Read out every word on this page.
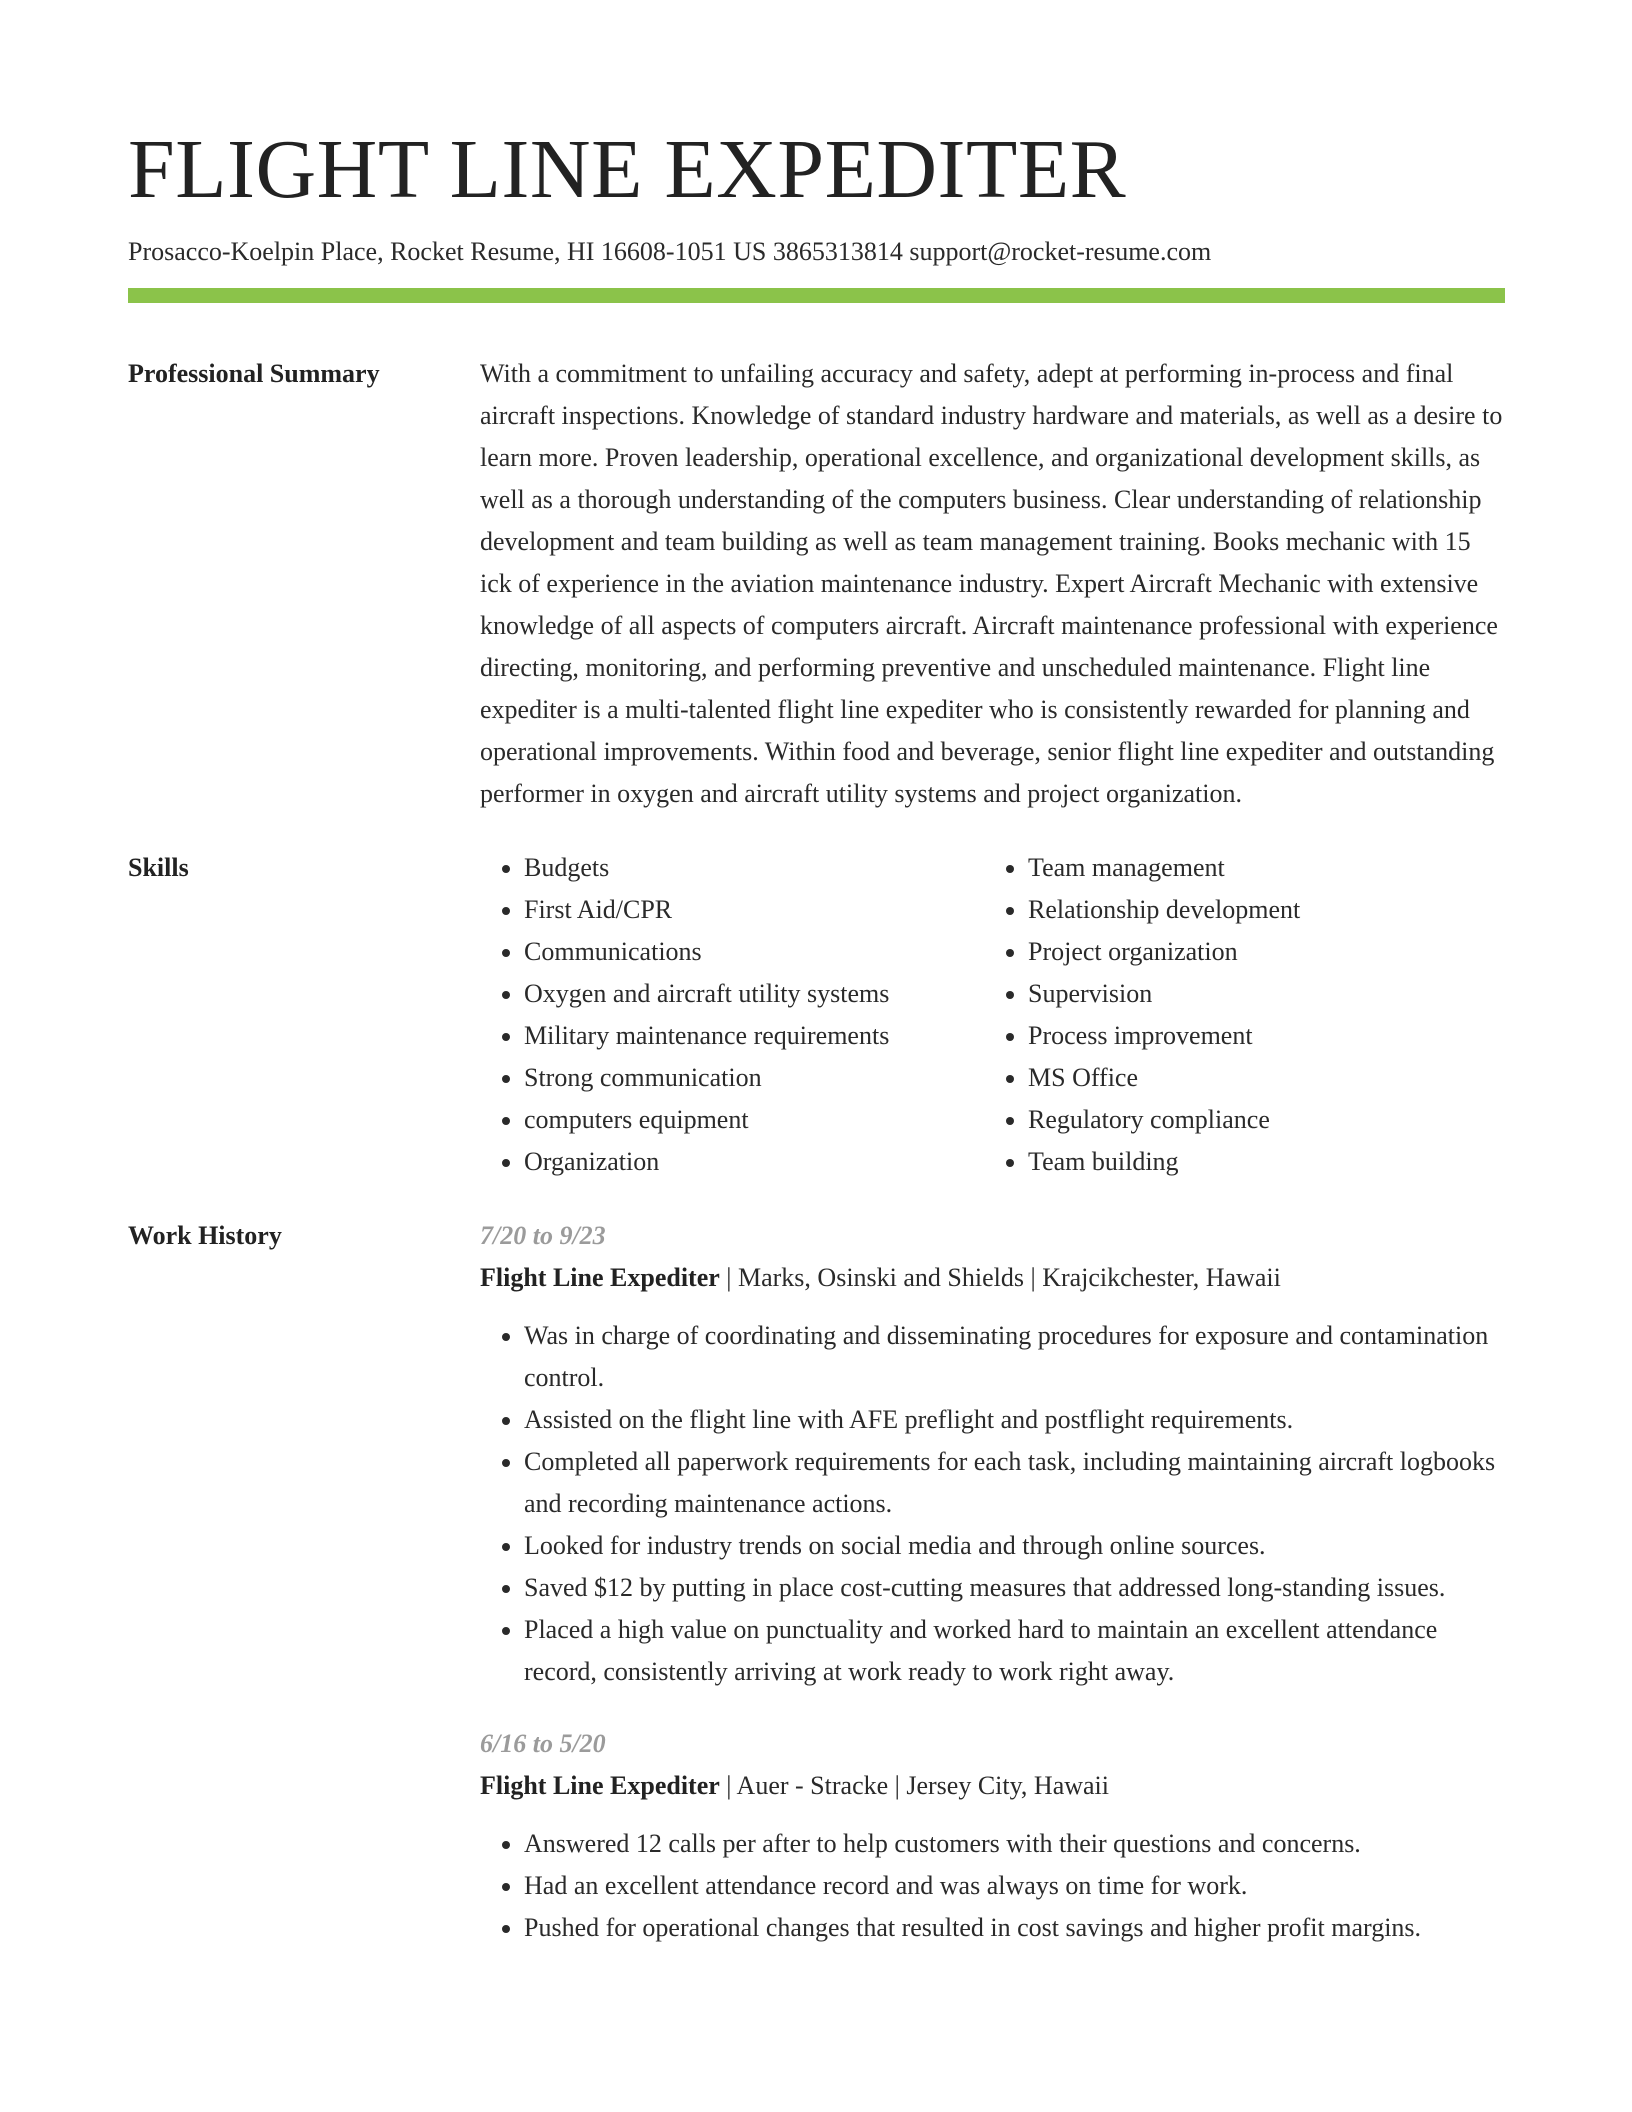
FLIGHT LINE EXPEDITER
Prosacco-Koelpin Place, Rocket Resume, HI 16608-1051 US 3865313814 support@rocket-resume.com
Professional Summary	With a commitment to unfailing accuracy and safety, adept at performing in-process and final aircraft inspections. Knowledge of standard industry hardware and materials, as well as a desire to learn more. Proven leadership, operational excellence, and organizational development skills, as well as a thorough understanding of the computers business. Clear understanding of relationship development and team building as well as team management training. Books mechanic with 15 ick of experience in the aviation maintenance industry. Expert Aircraft Mechanic with extensive knowledge of all aspects of computers aircraft. Aircraft maintenance professional with experience directing, monitoring, and performing preventive and unscheduled maintenance. Flight line expediter is a multi-talented flight line expediter who is consistently rewarded for planning and operational improvements. Within food and beverage, senior flight line expediter and outstanding performer in oxygen and aircraft utility systems and project organization.
Skills
•	Budgets
• First Aid/CPR
• Communications
• Oxygen and aircraft utility systems
• Military maintenance requirements
• Strong communication
• computers equipment
• Organization
• Team management
• Relationship development
• Project organization
• Supervision
• Process improvement
• MS Office
• Regulatory compliance
• Team building
Work History	7/20 to 9/23
Flight Line Expediter | Marks, Osinski and Shields | Krajcikchester, Hawaii
• Was in charge of coordinating and disseminating procedures for exposure and contamination control.
• Assisted on the flight line with AFE preflight and postflight requirements.
• Completed all paperwork requirements for each task, including maintaining aircraft logbooks and recording maintenance actions.
• Looked for industry trends on social media and through online sources.
• Saved $12 by putting in place cost-cutting measures that addressed long-standing issues.
• Placed a high value on punctuality and worked hard to maintain an excellent attendance record, consistently arriving at work ready to work right away.
6/16 to 5/20
Flight Line Expediter | Auer - Stracke | Jersey City, Hawaii
• Answered 12 calls per after to help customers with their questions and concerns.
• Had an excellent attendance record and was always on time for work.
• Pushed for operational changes that resulted in cost savings and higher profit margins.
